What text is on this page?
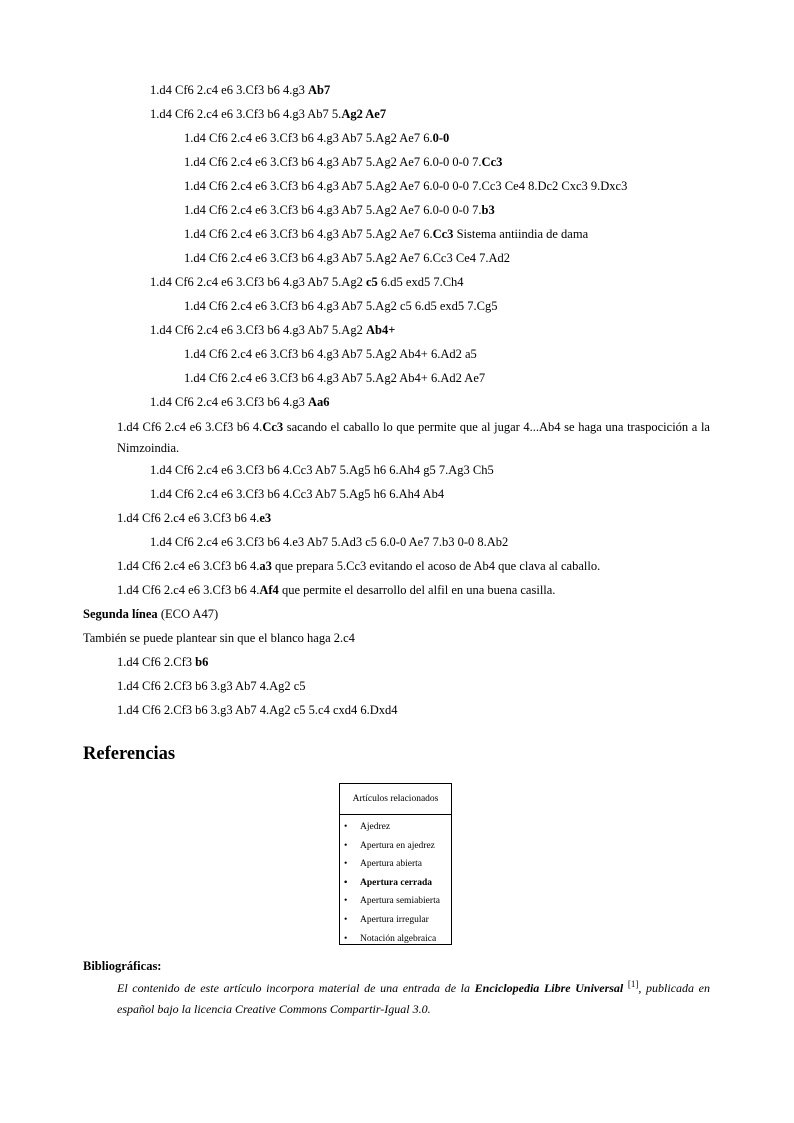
1.d4 Cf6 2.c4 e6 3.Cf3 b6 4.g3 Ab7
1.d4 Cf6 2.c4 e6 3.Cf3 b6 4.g3 Ab7 5.Ag2 Ae7
1.d4 Cf6 2.c4 e6 3.Cf3 b6 4.g3 Ab7 5.Ag2 Ae7 6.0-0
1.d4 Cf6 2.c4 e6 3.Cf3 b6 4.g3 Ab7 5.Ag2 Ae7 6.0-0 0-0 7.Cc3
1.d4 Cf6 2.c4 e6 3.Cf3 b6 4.g3 Ab7 5.Ag2 Ae7 6.0-0 0-0 7.Cc3 Ce4 8.Dc2 Cxc3 9.Dxc3
1.d4 Cf6 2.c4 e6 3.Cf3 b6 4.g3 Ab7 5.Ag2 Ae7 6.0-0 0-0 7.b3
1.d4 Cf6 2.c4 e6 3.Cf3 b6 4.g3 Ab7 5.Ag2 Ae7 6.Cc3 Sistema antiindia de dama
1.d4 Cf6 2.c4 e6 3.Cf3 b6 4.g3 Ab7 5.Ag2 Ae7 6.Cc3 Ce4 7.Ad2
1.d4 Cf6 2.c4 e6 3.Cf3 b6 4.g3 Ab7 5.Ag2 c5 6.d5 exd5 7.Ch4
1.d4 Cf6 2.c4 e6 3.Cf3 b6 4.g3 Ab7 5.Ag2 c5 6.d5 exd5 7.Cg5
1.d4 Cf6 2.c4 e6 3.Cf3 b6 4.g3 Ab7 5.Ag2 Ab4+
1.d4 Cf6 2.c4 e6 3.Cf3 b6 4.g3 Ab7 5.Ag2 Ab4+ 6.Ad2 a5
1.d4 Cf6 2.c4 e6 3.Cf3 b6 4.g3 Ab7 5.Ag2 Ab4+ 6.Ad2 Ae7
1.d4 Cf6 2.c4 e6 3.Cf3 b6 4.g3 Aa6
1.d4 Cf6 2.c4 e6 3.Cf3 b6 4.Cc3 sacando el caballo lo que permite que al jugar 4...Ab4 se haga una traspocición a la Nimzoindia.
1.d4 Cf6 2.c4 e6 3.Cf3 b6 4.Cc3 Ab7 5.Ag5 h6 6.Ah4 g5 7.Ag3 Ch5
1.d4 Cf6 2.c4 e6 3.Cf3 b6 4.Cc3 Ab7 5.Ag5 h6 6.Ah4 Ab4
1.d4 Cf6 2.c4 e6 3.Cf3 b6 4.e3
1.d4 Cf6 2.c4 e6 3.Cf3 b6 4.e3 Ab7 5.Ad3 c5 6.0-0 Ae7 7.b3 0-0 8.Ab2
1.d4 Cf6 2.c4 e6 3.Cf3 b6 4.a3 que prepara 5.Cc3 evitando el acoso de Ab4 que clava al caballo.
1.d4 Cf6 2.c4 e6 3.Cf3 b6 4.Af4 que permite el desarrollo del alfil en una buena casilla.
Segunda línea (ECO A47)
También se puede plantear sin que el blanco haga 2.c4
1.d4 Cf6 2.Cf3 b6
1.d4 Cf6 2.Cf3 b6 3.g3 Ab7 4.Ag2 c5
1.d4 Cf6 2.Cf3 b6 3.g3 Ab7 4.Ag2 c5 5.c4 cxd4 6.Dxd4
Referencias
Artículos relacionados
• Ajedrez
• Apertura en ajedrez
• Apertura abierta
• Apertura cerrada
• Apertura semiabierta
• Apertura irregular
• Notación algebraica
Bibliográficas:
El contenido de este artículo incorpora material de una entrada de la Enciclopedia Libre Universal [1], publicada en español bajo la licencia Creative Commons Compartir-Igual 3.0.
